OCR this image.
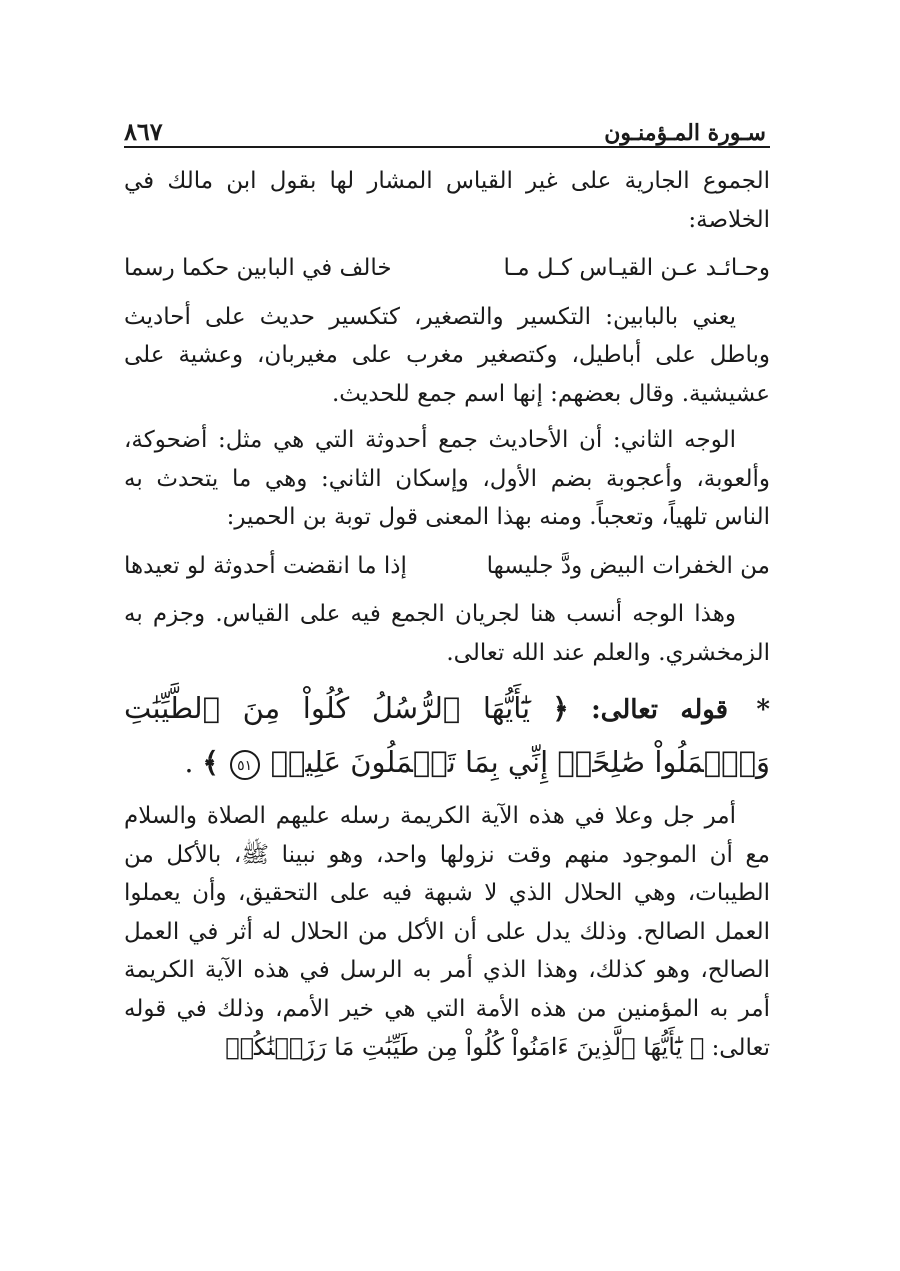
سـورة المـؤمنـون
٨٦٧

الجموع الجارية على غير القياس المشار لها بقول ابن مالك في الخلاصة:

وحـائـد عـن القيـاس كـل مـا
خالف في البابين حكما رسما

يعني بالبابين: التكسير والتصغير، كتكسير حديث على أحاديث وباطل على أباطيل، وكتصغير مغرب على مغيربان، وعشية على عشيشية. وقال بعضهم: إنها اسم جمع للحديث.

الوجه الثاني: أن الأحاديث جمع أحدوثة التي هي مثل: أضحوكة، وألعوبة، وأعجوبة بضم الأول، وإسكان الثاني: وهي ما يتحدث به الناس تلهياً، وتعجباً. ومنه بهذا المعنى قول توبة بن الحمير:

من الخفرات البيض ودَّ جليسها
إذا ما انقضت أحدوثة لو تعيدها

وهذا الوجه أنسب هنا لجريان الجمع فيه على القياس. وجزم به الزمخشري. والعلم عند الله تعالى.

* قوله تعالى: ﴿ يَٰٓأَيُّهَا ٱلرُّسُلُ كُلُواْ مِنَ ٱلطَّيِّبَٰتِ وَٱعۡمَلُواْ صَٰلِحًاۖ إِنِّي بِمَا تَعۡمَلُونَ عَلِيمٞ ٥١ ﴾ .

أمر جل وعلا في هذه الآية الكريمة رسله عليهم الصلاة والسلام مع أن الموجود منهم وقت نزولها واحد، وهو نبينا ﷺ، بالأكل من الطيبات، وهي الحلال الذي لا شبهة فيه على التحقيق، وأن يعملوا العمل الصالح. وذلك يدل على أن الأكل من الحلال له أثر في العمل الصالح، وهو كذلك، وهذا الذي أمر به الرسل في هذه الآية الكريمة أمر به المؤمنين من هذه الأمة التي هي خير الأمم، وذلك في قوله تعالى: ﴿ يَٰٓأَيُّهَا ٱلَّذِينَ ءَامَنُواْ كُلُواْ مِن طَيِّبَٰتِ مَا رَزَقۡنَٰكُمۡ
